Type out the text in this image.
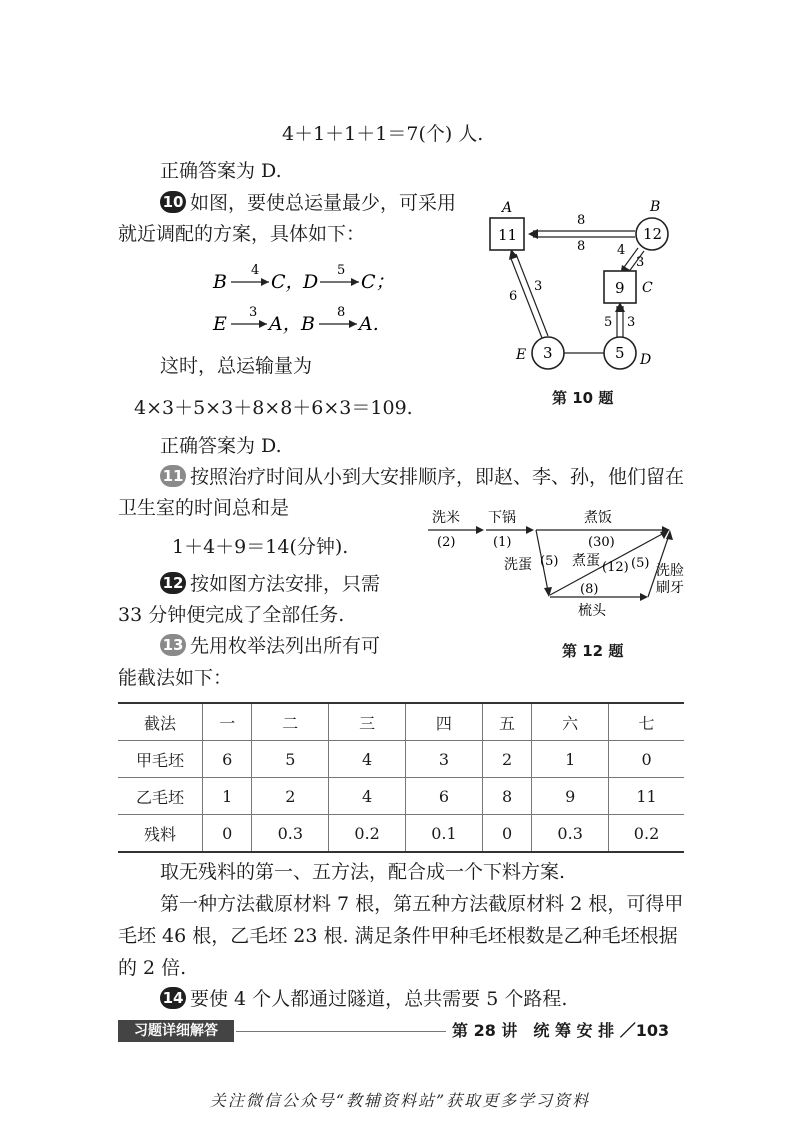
4＋1＋1＋1＝7(个) 人.
正确答案为 D.
10 如图，要使总运量最少，可采用
就近调配的方案，具体如下：
B
4
C，
D
5
C；
E
3
A， B
8
A.
这时，总运输量为
4×3＋5×3＋8×8＋6×3＝109.
正确答案为 D.
8
8 4
3
6
3
5 3
11
A
12
B
9 C
3
E	5 D
第 10 题
11 按照治疗时间从小到大安排顺序，即赵、李、孙，他们留在
卫生室的时间总和是
1＋4＋9＝14(分钟).
洗米
(2)
下锅
(1)
煮饭
(30)
洗蛋 (5) 煮蛋 (12)
(8)
梳头
(5) 洗脸
刷牙
第 12 题
12 按如图方法安排，只需
33 分钟便完成了全部任务.
13 先用枚举法列出所有可
能截法如下：
截法	一	二	三	四	五	六	七
甲毛坯	6	5	4	3	2	1	0
乙毛坯	1	2	4	6	8	9	11
残料	0	0.3	0.2	0.1	0	0.3	0.2
取无残料的第一、五方法，配合成一个下料方案.
第一种方法截原材料 7 根，第五种方法截原材料 2 根，可得甲
毛坯 46 根，乙毛坯 23 根. 满足条件甲种毛坯根数是乙种毛坯根据
的 2 倍.
14 要使 4 个人都通过隧道，总共需要 5 个路程.
习题详细解答	第 28 讲　统 筹 安 排 ／103
关注微信公众号“教辅资料站”获取更多学习资料
